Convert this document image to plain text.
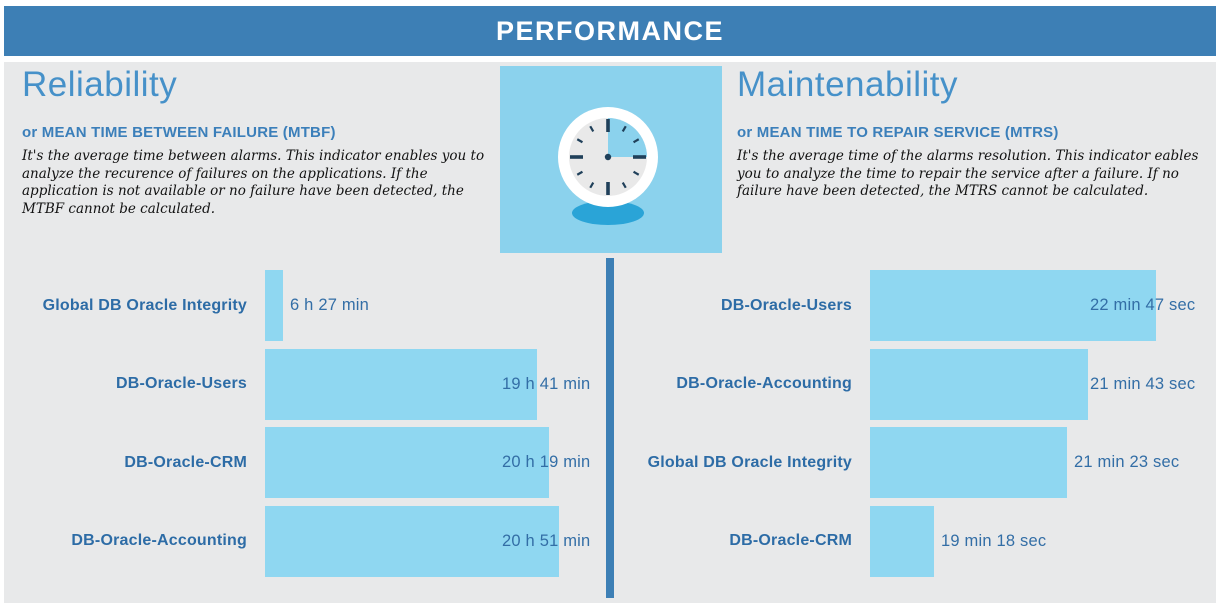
PERFORMANCE
Reliability

or MEAN TIME BETWEEN FAILURE (MTBF)

It's the average time between alarms. This indicator enables you to analyze the recurence of failures on the applications. If the application is not available or no failure have been detected, the MTBF cannot be calculated.

Maintenability

or MEAN TIME TO REPAIR SERVICE (MTRS)

It's the average time of the alarms resolution. This indicator eables you to analyze the time to repair the service after a failure. If no failure have been detected, the MTRS cannot be calculated.

Global DB Oracle Integrity	6 h 27 min
DB-Oracle-Users	19 h 41 min
DB-Oracle-CRM	20 h 19 min
DB-Oracle-Accounting	20 h 51 min
DB-Oracle-Users	22 min 47 sec
DB-Oracle-Accounting	21 min 43 sec
Global DB Oracle Integrity	21 min 23 sec
DB-Oracle-CRM	19 min 18 sec
